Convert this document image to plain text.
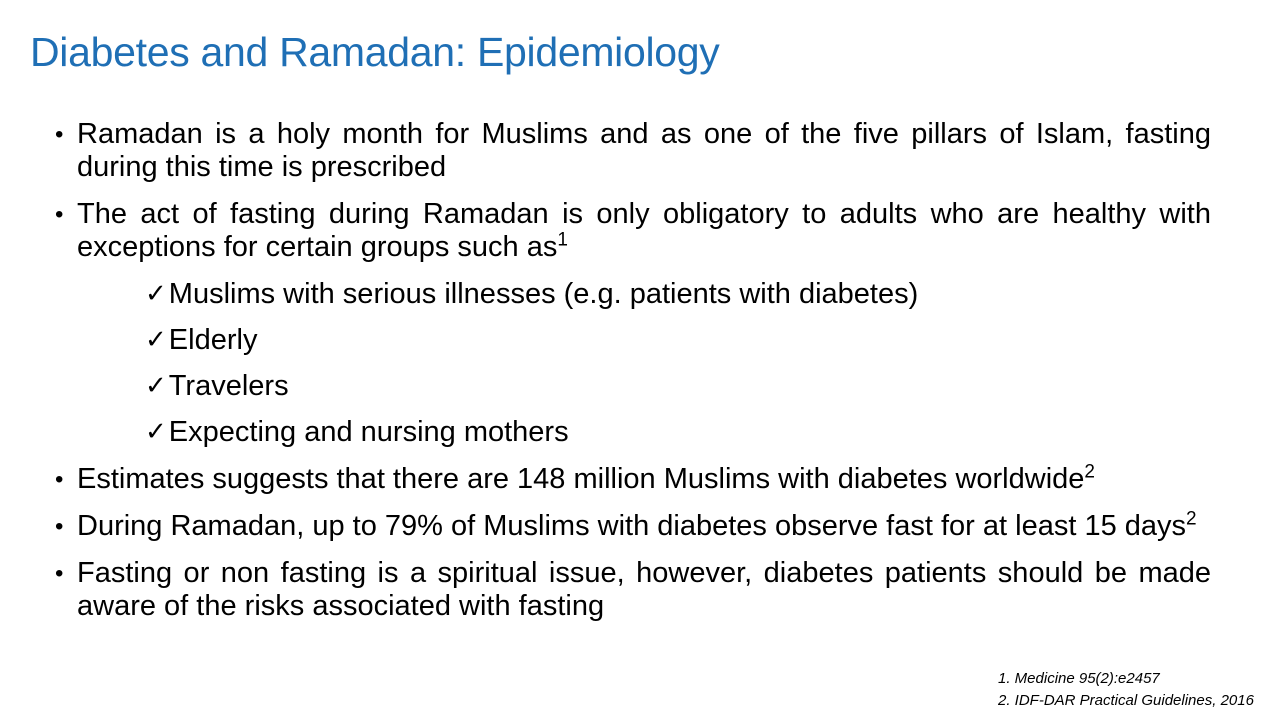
Diabetes and Ramadan: Epidemiology
• Ramadan is a holy month for Muslims and as one of the five pillars of Islam, fasting during this time is prescribed
• The act of fasting during Ramadan is only obligatory to adults who are healthy with exceptions for certain groups such $as^1$
✓ Muslims with serious illnesses (e.g. patients with diabetes)
✓ Elderly
✓ Travelers
✓ Expecting and nursing mothers
• Estimates suggests that there are 148 million Muslims with diabetes worldwide$^2$
• During Ramadan, up to 79% of Muslims with diabetes observe fast for at least 15 days$^2$
• Fasting or non fasting is a spiritual issue, however, diabetes patients should be made aware of the risks associated with fasting
1. Medicine 95(2):e2457
2. IDF-DAR Practical Guidelines, 2016
